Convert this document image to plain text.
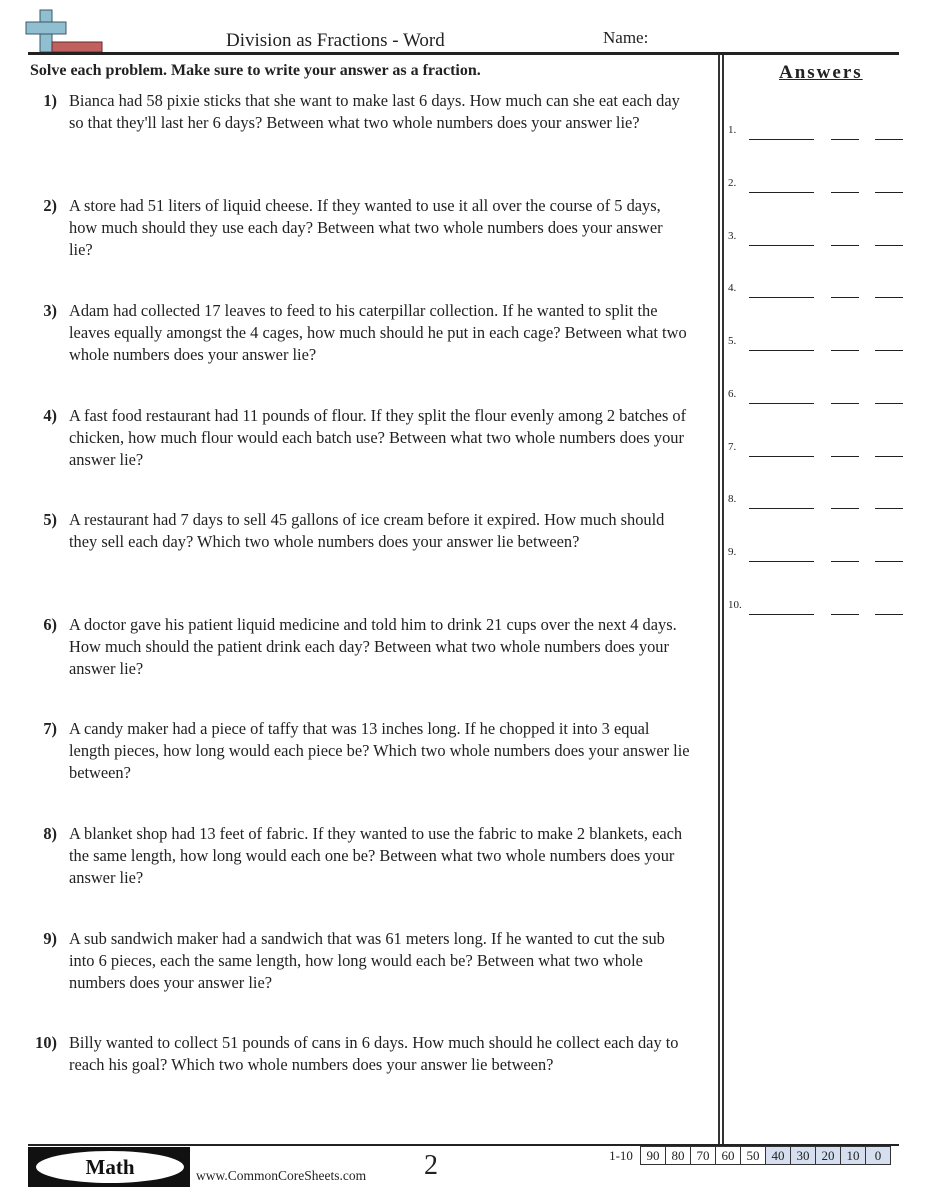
Division as Fractions - Word	Name:
Solve each problem. Make sure to write your answer as a fraction.	Answers
1) Bianca had 58 pixie sticks that she want to make last 6 days. How much can she eat each day so that they'll last her 6 days? Between what two whole numbers does your answer lie?
2) A store had 51 liters of liquid cheese. If they wanted to use it all over the course of 5 days, how much should they use each day? Between what two whole numbers does your answer lie?
3) Adam had collected 17 leaves to feed to his caterpillar collection. If he wanted to split the leaves equally amongst the 4 cages, how much should he put in each cage? Between what two whole numbers does your answer lie?
4) A fast food restaurant had 11 pounds of flour. If they split the flour evenly among 2 batches of chicken, how much flour would each batch use? Between what two whole numbers does your answer lie?
5) A restaurant had 7 days to sell 45 gallons of ice cream before it expired. How much should they sell each day? Which two whole numbers does your answer lie between?
6) A doctor gave his patient liquid medicine and told him to drink 21 cups over the next 4 days. How much should the patient drink each day? Between what two whole numbers does your answer lie?
7) A candy maker had a piece of taffy that was 13 inches long. If he chopped it into 3 equal length pieces, how long would each piece be? Which two whole numbers does your answer lie between?
8) A blanket shop had 13 feet of fabric. If they wanted to use the fabric to make 2 blankets, each the same length, how long would each one be? Between what two whole numbers does your answer lie?
9) A sub sandwich maker had a sandwich that was 61 meters long. If he wanted to cut the sub into 6 pieces, each the same length, how long would each be? Between what two whole numbers does your answer lie?
10) Billy wanted to collect 51 pounds of cans in 6 days. How much should he collect each day to reach his goal? Which two whole numbers does your answer lie between?
1.
2.
3.
4.
5.
6.
7.
8.
9.
10.
Math	www.CommonCoreSheets.com 2	1-10	90	80	70	60	50	40	30	20	10	0
